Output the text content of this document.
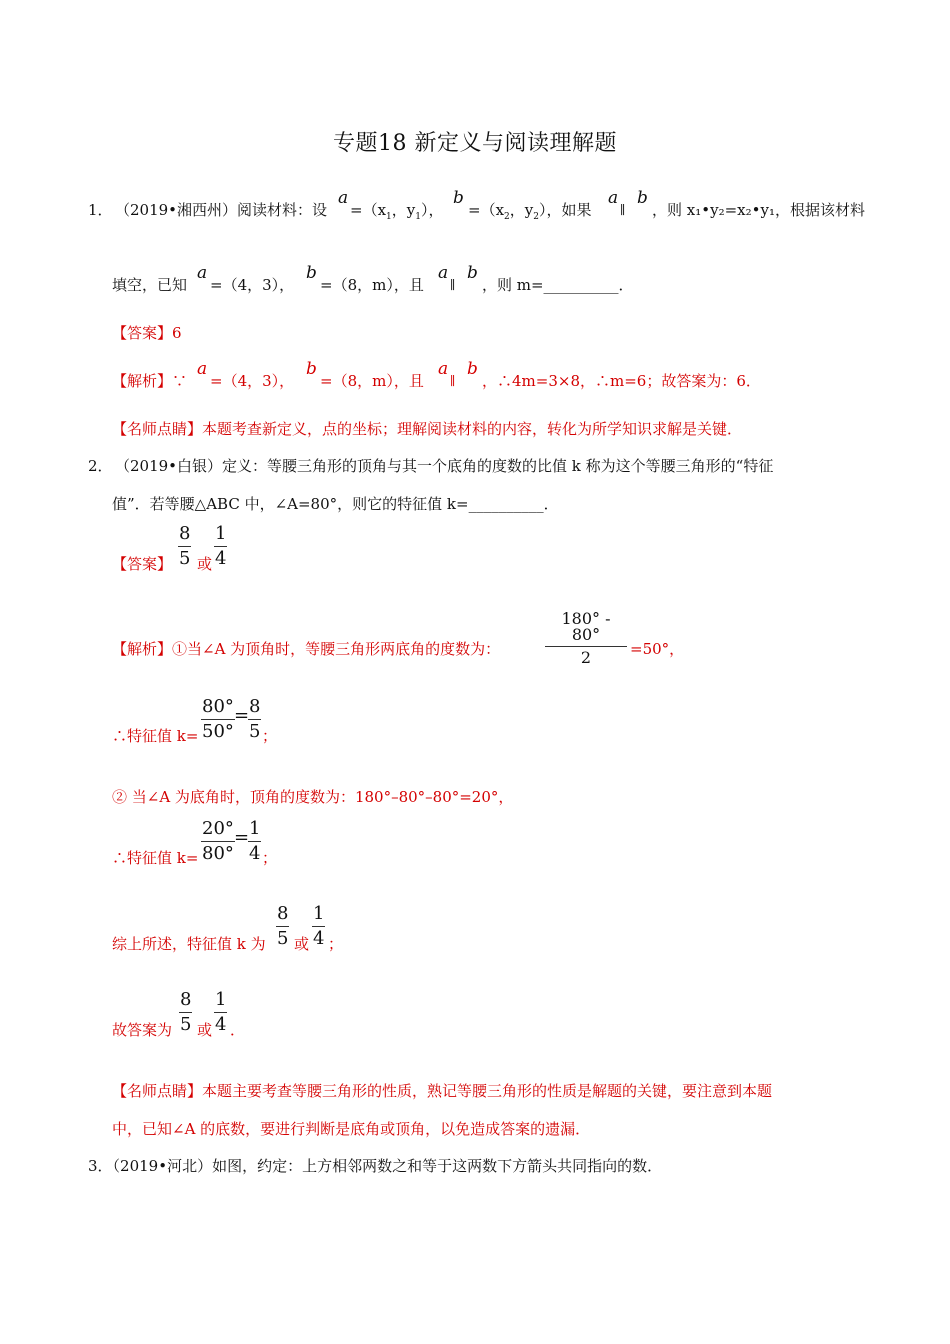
专题18 新定义与阅读理解题
1． （2019•湘西州）阅读材料：设
a
$=(x_1$，$y_1$），
b
$=(x_2$，$y_2$），如果
a
∥
b
，则 x₁•y₂=x₂•y₁，根据该材料
填空，已知
a
=（4，3），
b
=（8，m），且
a
∥
b
，则 m=__________．
【答案】6
【解析】∵
a
=（4，3），
b
=（8，m），且
a
∥
b
，∴4m=3×8，∴m=6；故答案为：6．
【名师点睛】本题考查新定义，点的坐标；理解阅读材料的内容，转化为所学知识求解是关键．
2． （2019•白银）定义：等腰三角形的顶角与其一个底角的度数的比值 k 称为这个等腰三角形的“特征
值”．若等腰△ABC 中，∠A=80°，则它的特征值 k=__________．
【答案】 $\frac{8}{5}$ 或 $\frac{1}{4}$
【解析】①当∠A 为顶角时，等腰三角形两底角的度数为：	$\frac{180^\circ - 80^\circ}{2} =50^\circ$，
∴特征值 $k= \frac{80^\circ}{50^\circ}$ =
$\frac{8}{5}$ ；
② 当∠A 为底角时，顶角的度数为：180°–80°–80°=20°，
∴特征值 $k= \frac{20^\circ}{80^\circ}$ =
$\frac{1}{4}$ ；
综上所述，特征值 k 为 $\frac{8}{5}$ 或 $\frac{1}{4}$ ；
故答案为 $\frac{8}{5}$ 或 $\frac{1}{4}$ ．
【名师点睛】本题主要考查等腰三角形的性质，熟记等腰三角形的性质是解题的关键，要注意到本题
中，已知∠A 的底数，要进行判断是底角或顶角，以免造成答案的遗漏．
3．（2019•河北）如图，约定：上方相邻两数之和等于这两数下方箭头共同指向的数．
